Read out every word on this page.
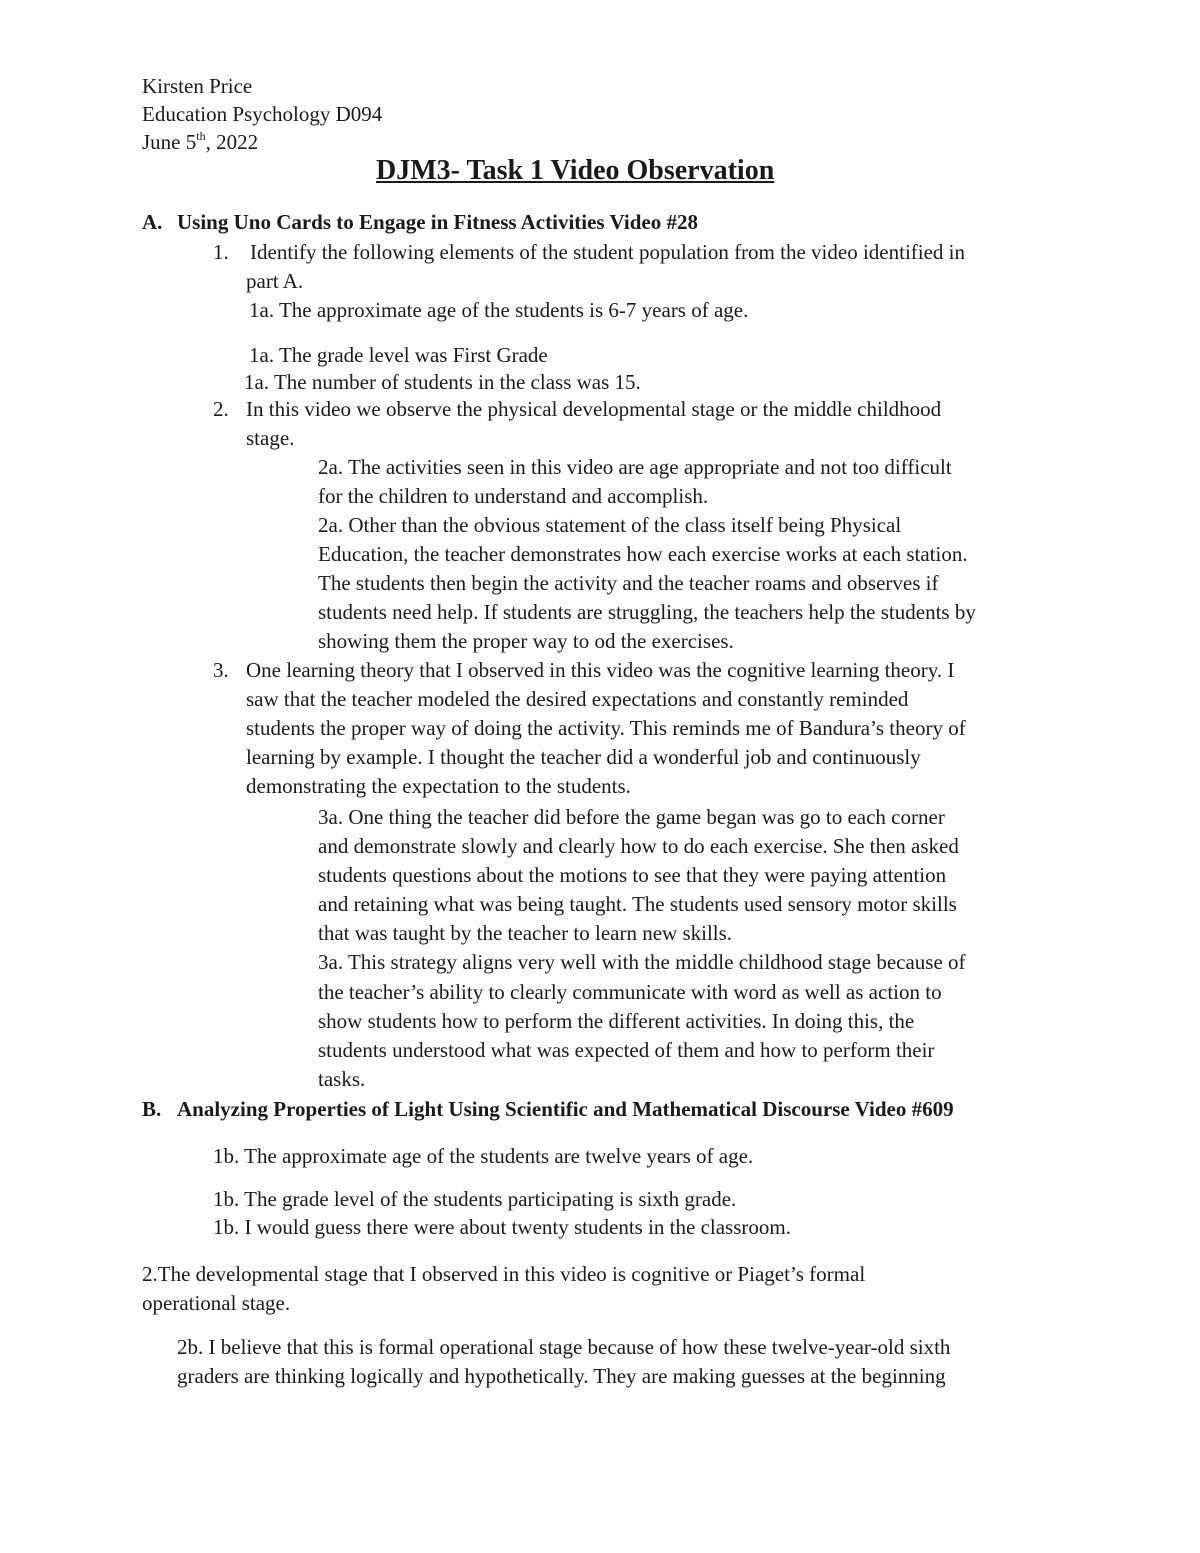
Kirsten Price
Education Psychology D094
June 5th, 2022
DJM3- Task 1 Video Observation
A. Using Uno Cards to Engage in Fitness Activities Video #28
1. Identify the following elements of the student population from the video identified in
part A.
1a. The approximate age of the students is 6-7 years of age.
1a. The grade level was First Grade
1a. The number of students in the class was 15.
2. In this video we observe the physical developmental stage or the middle childhood
stage.
2a. The activities seen in this video are age appropriate and not too difficult
for the children to understand and accomplish.
2a. Other than the obvious statement of the class itself being Physical
Education, the teacher demonstrates how each exercise works at each station.
The students then begin the activity and the teacher roams and observes if
students need help. If students are struggling, the teachers help the students by
showing them the proper way to od the exercises.
3. One learning theory that I observed in this video was the cognitive learning theory. I
saw that the teacher modeled the desired expectations and constantly reminded
students the proper way of doing the activity. This reminds me of Bandura’s theory of
learning by example. I thought the teacher did a wonderful job and continuously
demonstrating the expectation to the students.
3a. One thing the teacher did before the game began was go to each corner
and demonstrate slowly and clearly how to do each exercise. She then asked
students questions about the motions to see that they were paying attention
and retaining what was being taught. The students used sensory motor skills
that was taught by the teacher to learn new skills.
3a. This strategy aligns very well with the middle childhood stage because of
the teacher’s ability to clearly communicate with word as well as action to
show students how to perform the different activities. In doing this, the
students understood what was expected of them and how to perform their
tasks.
B. Analyzing Properties of Light Using Scientific and Mathematical Discourse Video #609
1b. The approximate age of the students are twelve years of age.
1b. The grade level of the students participating is sixth grade.
1b. I would guess there were about twenty students in the classroom.
2.The developmental stage that I observed in this video is cognitive or Piaget’s formal
operational stage.
2b. I believe that this is formal operational stage because of how these twelve-year-old sixth
graders are thinking logically and hypothetically. They are making guesses at the beginning
